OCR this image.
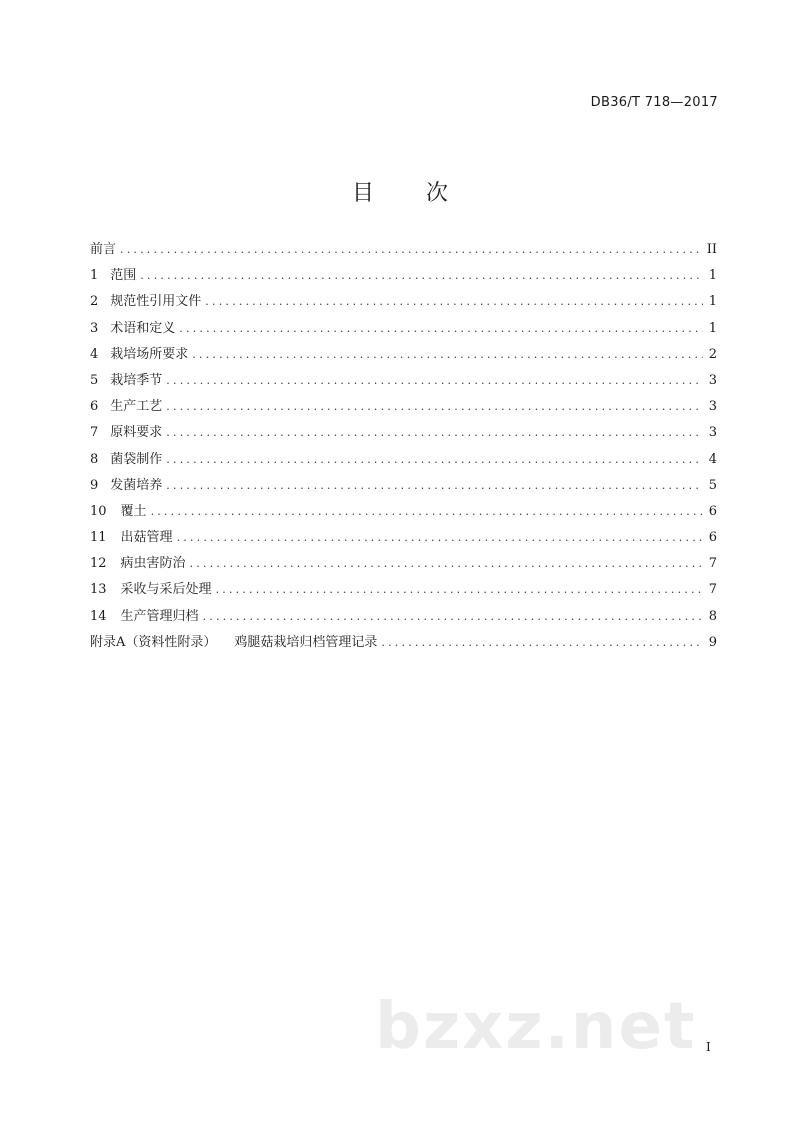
DB36/T 718—2017
目 次
前言 .....	II
1 范围 .....	1
2 规范性引用文件 .....	1
3 术语和定义 .....	1
4 栽培场所要求 .....	2
5 栽培季节 .....	3
6 生产工艺 .....	3
7 原料要求 .....	3
8 菌袋制作 .....	4
9 发菌培养 .....	5
10 覆土 .....	6
11 出菇管理 .....	6
12 病虫害防治 .....	7
13 采收与采后处理 .....	7
14 生产管理归档 .....	8
附录A（资料性附录） 鸡腿菇栽培归档管理记录 .....	9
bzxz.net I
